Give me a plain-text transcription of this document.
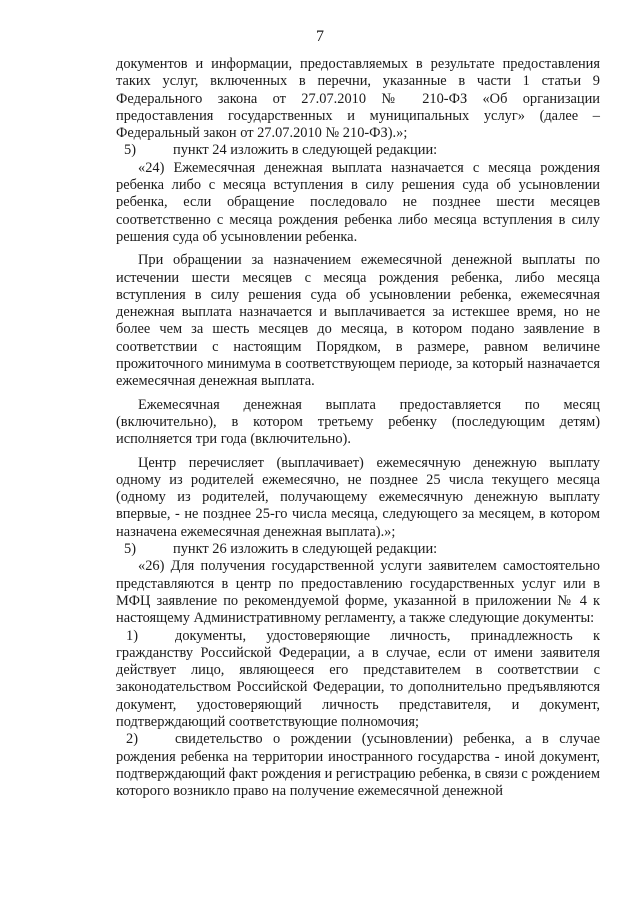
7

документов и информации, предоставляемых в результате предоставления таких услуг, включенных в перечни, указанные в части 1 статьи 9 Федерального закона от 27.07.2010 № 210-ФЗ «Об организации предоставления государственных и муниципальных услуг» (далее – Федеральный закон от 27.07.2010 № 210-ФЗ).»;

5)	пункт 24 изложить в следующей редакции:

«24) Ежемесячная денежная выплата назначается с месяца рождения ребенка либо с месяца вступления в силу решения суда об усыновлении ребенка, если обращение последовало не позднее шести месяцев соответственно с месяца рождения ребенка либо месяца вступления в силу решения суда об усыновлении ребенка.

При обращении за назначением ежемесячной денежной выплаты по истечении шести месяцев с месяца рождения ребенка, либо месяца вступления в силу решения суда об усыновлении ребенка, ежемесячная денежная выплата назначается и выплачивается за истекшее время, но не более чем за шесть месяцев до месяца, в котором подано заявление в соответствии с настоящим Порядком, в размере, равном величине прожиточного минимума в соответствующем периоде, за который назначается ежемесячная денежная выплата.

Ежемесячная денежная выплата предоставляется по месяц (включительно), в котором третьему ребенку (последующим детям) исполняется три года (включительно).

Центр перечисляет (выплачивает) ежемесячную денежную выплату одному из родителей ежемесячно, не позднее 25 числа текущего месяца (одному из родителей, получающему ежемесячную денежную выплату впервые, - не позднее 25-го числа месяца, следующего за месяцем, в котором назначена ежемесячная денежная выплата).»;

5)	пункт 26 изложить в следующей редакции:

«26) Для получения государственной услуги заявителем самостоятельно представляются в центр по предоставлению государственных услуг или в МФЦ заявление по рекомендуемой форме, указанной в приложении № 4 к настоящему Административному регламенту, а также следующие документы:

1)	документы, удостоверяющие личность, принадлежность к гражданству Российской Федерации, а в случае, если от имени заявителя действует лицо, являющееся его представителем в соответствии с законодательством Российской Федерации, то дополнительно предъявляются документ, удостоверяющий личность представителя, и документ, подтверждающий соответствующие полномочия;

2)	свидетельство о рождении (усыновлении) ребенка, а в случае рождения ребенка на территории иностранного государства - иной документ, подтверждающий факт рождения и регистрацию ребенка, в связи с рождением которого возникло право на получение ежемесячной денежной
